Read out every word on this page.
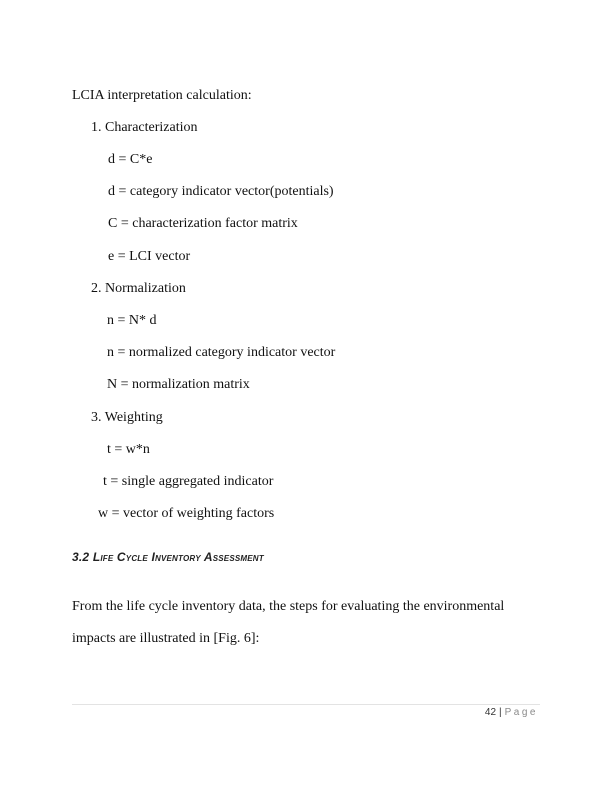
LCIA interpretation calculation:
1. Characterization
d = C*e
d = category indicator vector(potentials)
C = characterization factor matrix
e = LCI vector
2. Normalization
n = N* d
n = normalized category indicator vector
N = normalization matrix
3. Weighting
t = w*n
t = single aggregated indicator
w = vector of weighting factors
3.2 Life Cycle Inventory Assessment
From the life cycle inventory data, the steps for evaluating the environmental
impacts are illustrated in [Fig. 6]:
42 | Page
